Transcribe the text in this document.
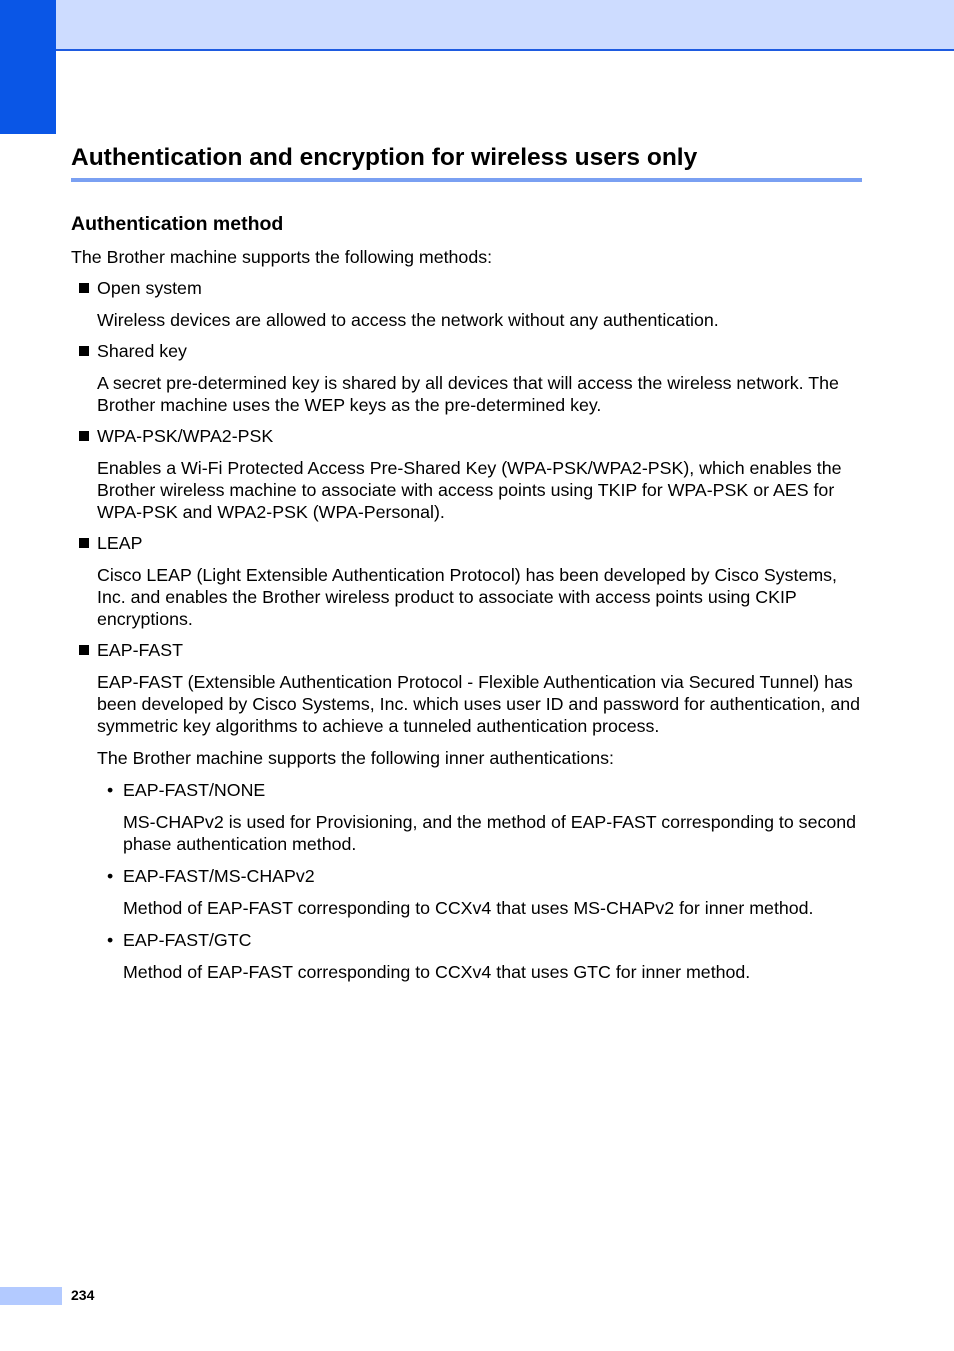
Authentication and encryption for wireless users only
Authentication method

The Brother machine supports the following methods:

Open system

Wireless devices are allowed to access the network without any authentication.

Shared key

A secret pre-determined key is shared by all devices that will access the wireless network. The Brother machine uses the WEP keys as the pre-determined key.

WPA-PSK/WPA2-PSK

Enables a Wi-Fi Protected Access Pre-Shared Key (WPA-PSK/WPA2-PSK), which enables the Brother wireless machine to associate with access points using TKIP for WPA-PSK or AES for WPA-PSK and WPA2-PSK (WPA-Personal).

LEAP

Cisco LEAP (Light Extensible Authentication Protocol) has been developed by Cisco Systems, Inc. and enables the Brother wireless product to associate with access points using CKIP encryptions.

EAP-FAST

EAP-FAST (Extensible Authentication Protocol - Flexible Authentication via Secured Tunnel) has been developed by Cisco Systems, Inc. which uses user ID and password for authentication, and symmetric key algorithms to achieve a tunneled authentication process.

The Brother machine supports the following inner authentications:

• EAP-FAST/NONE

MS-CHAPv2 is used for Provisioning, and the method of EAP-FAST corresponding to second phase authentication method.

• EAP-FAST/MS-CHAPv2

Method of EAP-FAST corresponding to CCXv4 that uses MS-CHAPv2 for inner method.

• EAP-FAST/GTC

Method of EAP-FAST corresponding to CCXv4 that uses GTC for inner method.

234
